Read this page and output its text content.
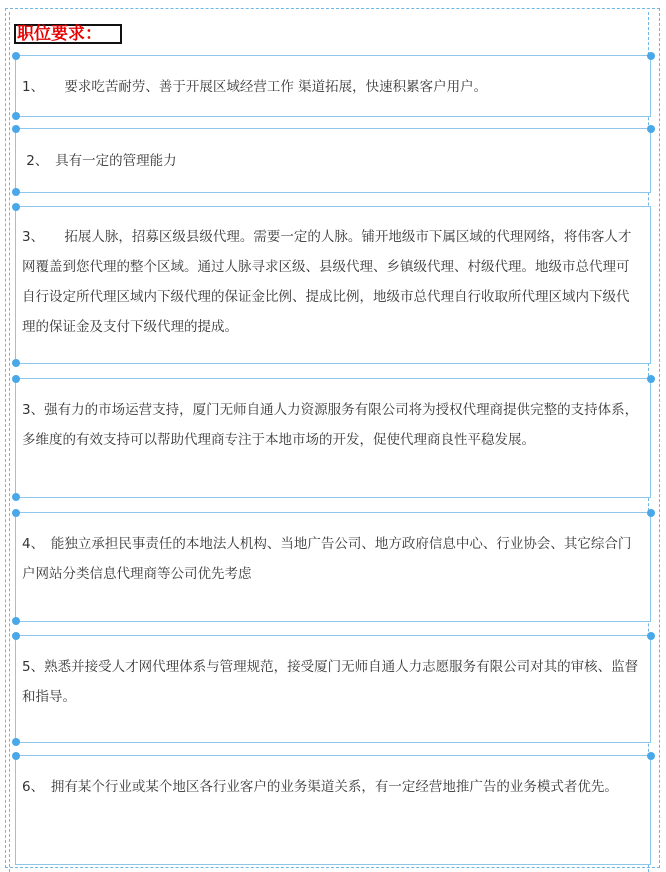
职位要求：
1、　　要求吃苦耐劳、善于开展区域经营工作 渠道拓展，快速积累客户用户。
2、　具有一定的管理能力
3、　　拓展人脉，招募区级县级代理。需要一定的人脉。铺开地级市下属区域的代理网络，将伟客人才网覆盖到您代理的整个区域。通过人脉寻求区级、县级代理、乡镇级代理、村级代理。地级市总代理可自行设定所代理区域内下级代理的保证金比例、提成比例，地级市总代理自行收取所代理区域内下级代理的保证金及支付下级代理的提成。
3、强有力的市场运营支持，厦门无师自通人力资源服务有限公司将为授权代理商提供完整的支持体系，多维度的有效支持可以帮助代理商专注于本地市场的开发，促使代理商良性平稳发展。
4、　能独立承担民事责任的本地法人机构、当地广告公司、地方政府信息中心、行业协会、其它综合门户网站分类信息代理商等公司优先考虑
5、熟悉并接受人才网代理体系与管理规范，接受厦门无师自通人力志愿服务有限公司对其的审核、监督和指导。
6、　拥有某个行业或某个地区各行业客户的业务渠道关系，有一定经营地推广告的业务模式者优先。
